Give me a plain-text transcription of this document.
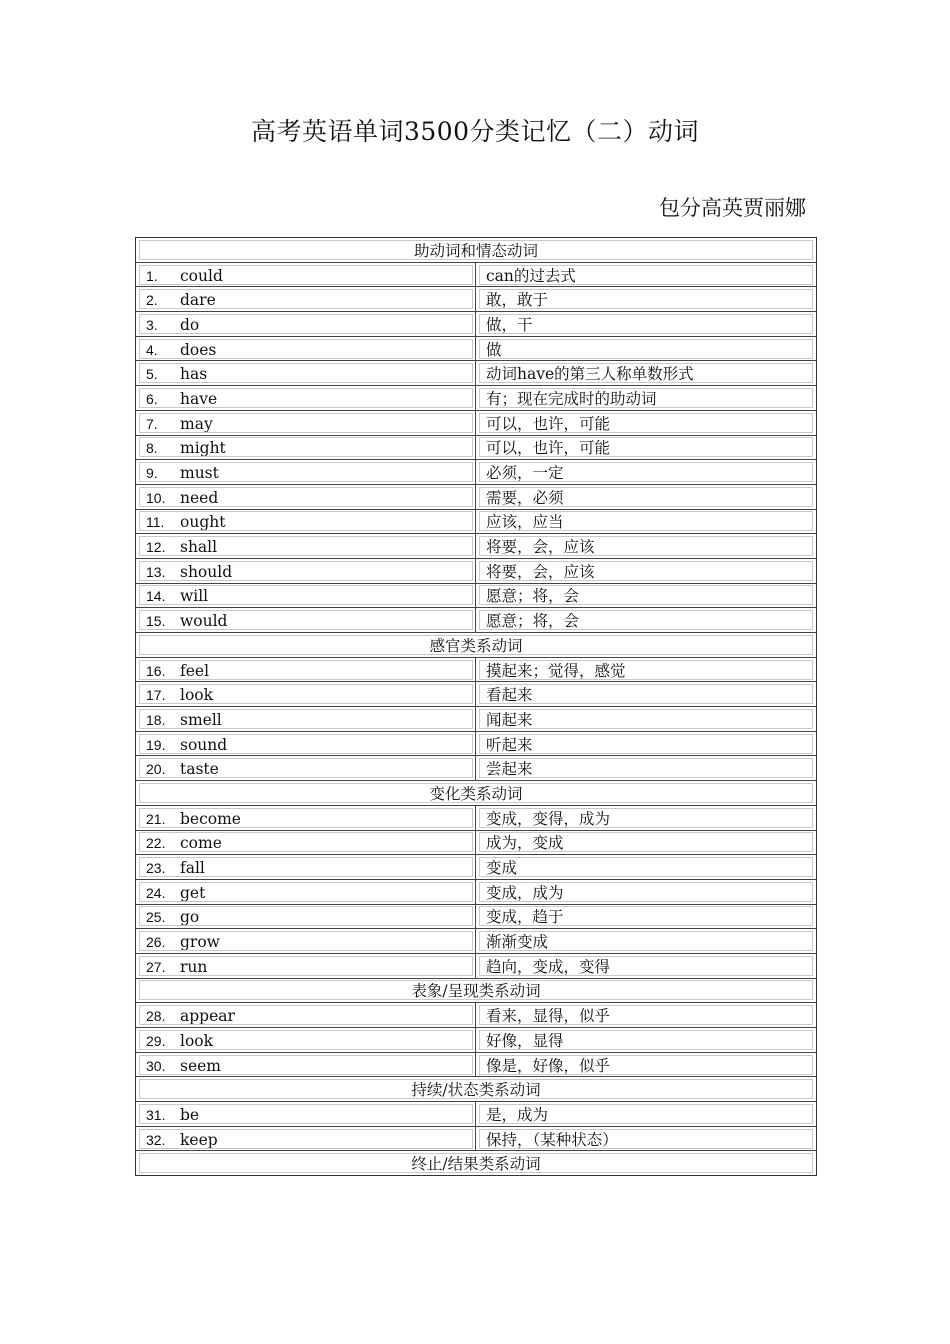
高考英语单词3500分类记忆（二）动词
包分高英贾丽娜
助动词和情态动词	

1. could	can的过去式

2. dare	敢，敢于

3. do	做，干

4. does	做

5. has	动词have的第三人称单数形式

6. have	有；现在完成时的助动词

7. may	可以，也许，可能

8. might	可以，也许，可能

9. must	必须，一定

10. need	需要，必须

11. ought	应该，应当

12. shall	将要，会，应该

13. should	将要，会，应该

14. will	愿意；将，会

15. would	愿意；将，会

感官类系动词	

16. feel	摸起来；觉得，感觉

17. look	看起来

18. smell	闻起来

19. sound	听起来

20. taste	尝起来

变化类系动词	

21. become	变成，变得，成为

22. come	成为，变成

23. fall	变成

24. get	变成，成为

25. go	变成，趋于

26. grow	渐渐变成

27. run	趋向，变成，变得

表象/呈现类系动词	

28. appear	看来，显得，似乎

29. look	好像，显得

30. seem	像是，好像，似乎

持续/状态类系动词	

31. be	是，成为

32. keep	保持，（某种状态）

终止/结果类系动词	
